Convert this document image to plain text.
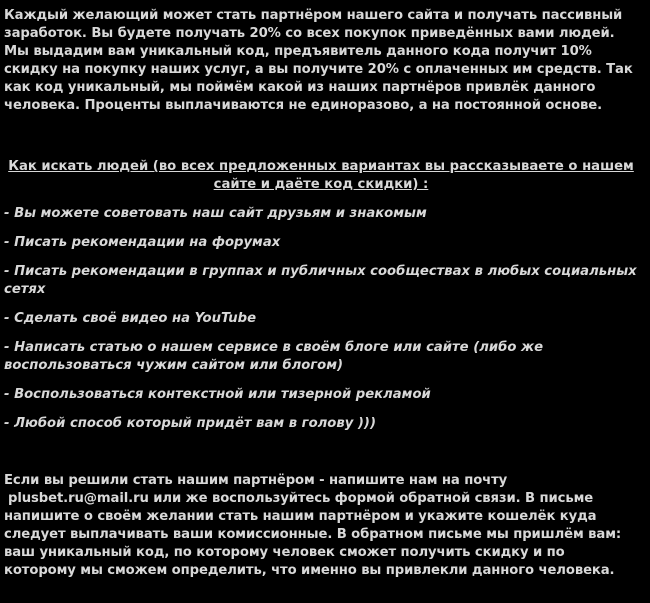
Каждый желающий может стать партнёром нашего сайта и получать пассивный заработок. Вы будете получать 20% со всех покупок приведённых вами людей. Мы выдадим вам уникальный код, предъявитель данного кода получит 10% скидку на покупку наших услуг, а вы получите 20% с оплаченных им средств. Так как код уникальный, мы поймём какой из наших партнёров привлёк данного человека. Проценты выплачиваются не единоразово, а на постоянной основе.

Как искать людей (во всех предложенных вариантах вы рассказываете о нашем сайте и даёте код скидки) :

- Вы можете советовать наш сайт друзьям и знакомым
- Писать рекомендации на форумах
- Писать рекомендации в группах и публичных сообществах в любых социальных сетях
- Сделать своё видео на YouTube
- Написать статью о нашем сервисе в своём блоге или сайте (либо же воспользоваться чужим сайтом или блогом)
- Воспользоваться контекстной или тизерной рекламой
- Любой способ который придёт вам в голову )))

Если вы решили стать нашим партнёром - напишите нам на почту
plusbet.ru@mail.ru или же воспользуйтесь формой обратной связи. В письме напишите о своём желании стать нашим партнёром и укажите кошелёк куда следует выплачивать ваши комиссионные. В обратном письме мы пришлём вам: ваш уникальный код, по которому человек сможет получить скидку и по которому мы сможем определить, что именно вы привлекли данного человека.
